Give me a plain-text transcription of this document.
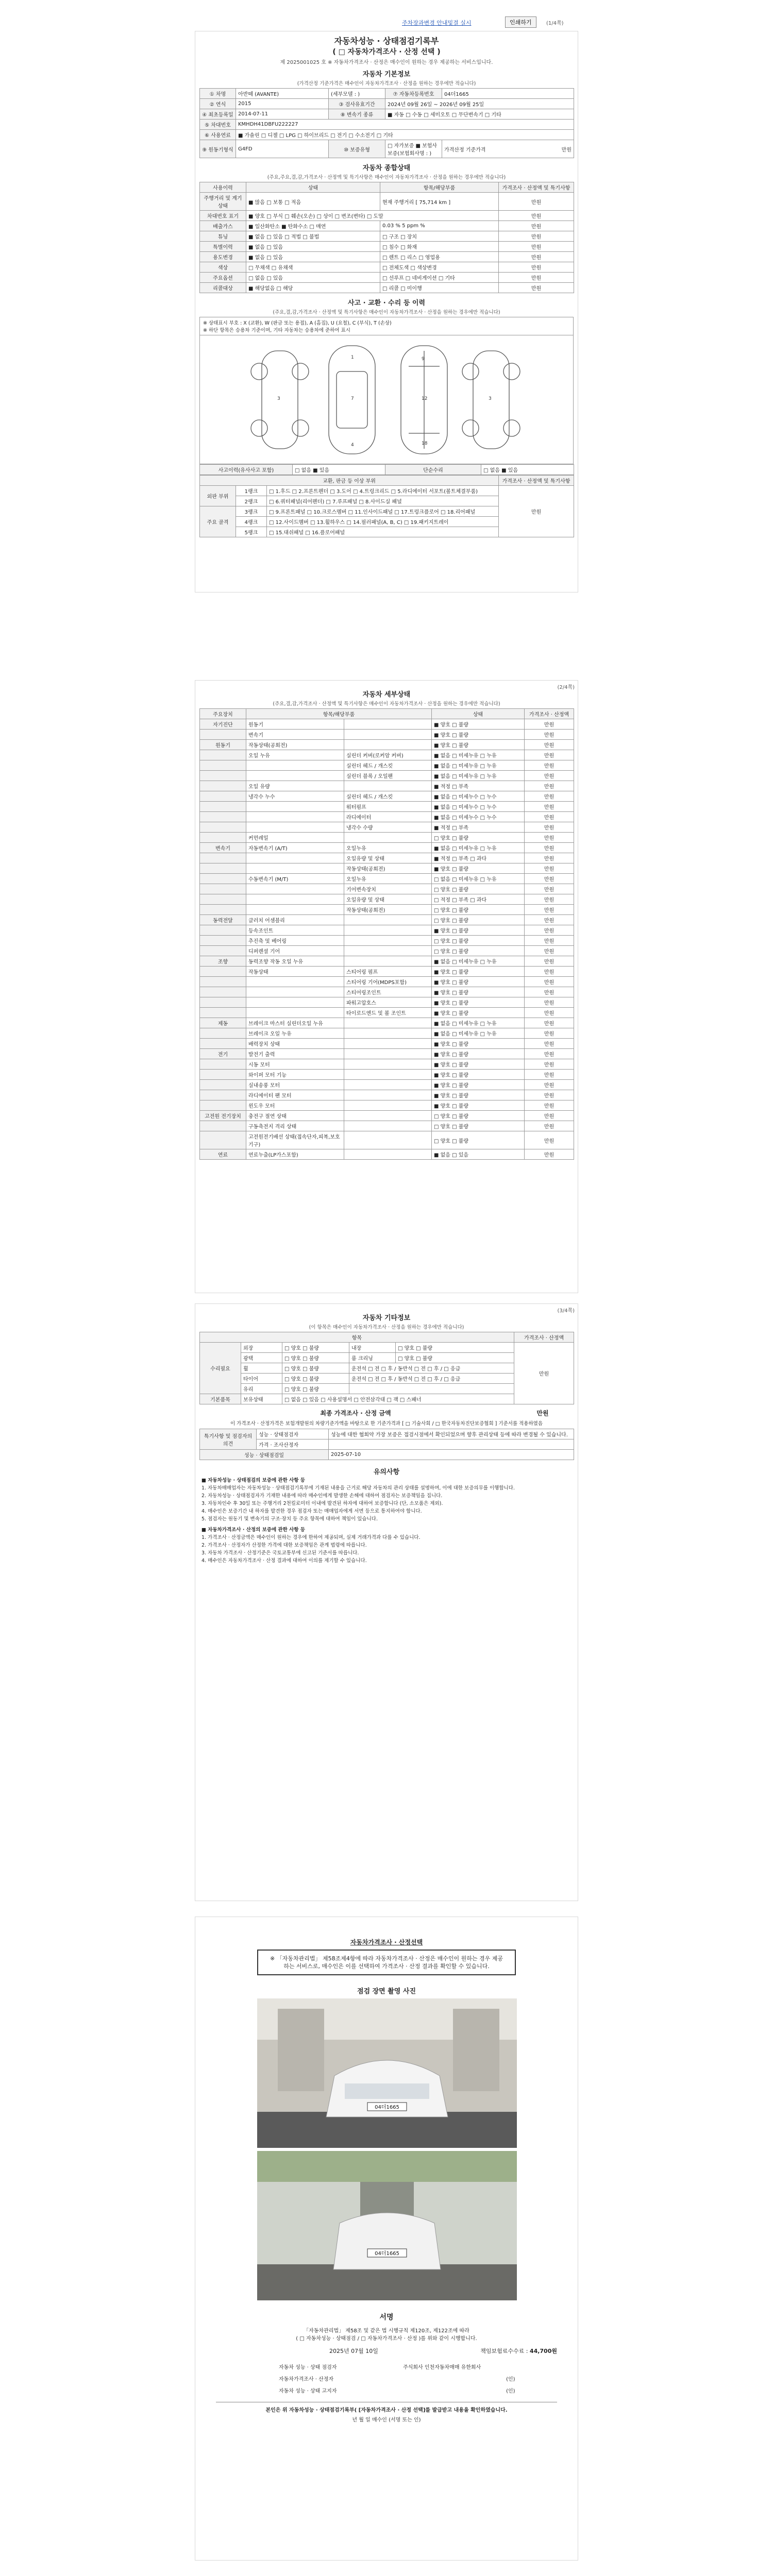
주차장과변경 안내및결 실시	인쇄하기	(1/4쪽)
자동차성능 · 상태점검기록부
( □ 자동차가격조사 · 산정 선택 )
제 2025001025 호 ※ 자동차가격조사 · 산정은 매수인이 원하는 경우 제공하는 서비스입니다.
자동차 기본정보
(가격산정 기준가격은 매수인이 자동차가격조사 · 산정을 원하는 경우에만 적습니다)
① 차명	아반떼 (AVANTE)	(세부모델 : )	⑦ 자동차등록번호	04더1665
② 연식	2015	③ 검사유효기간	2024년 09월 26일 ~ 2026년 09월 25일	
④ 최초등록일	2014-07-11	⑧ 변속기 종류	■ 자동 □ 수동 □ 세미오토 □ 무단변속기 □ 기타	
⑤ 차대번호	KMHDH41DBFU222227			
⑥ 사용연료	■ 가솔린 □ 디젤 □ LPG □ 하이브리드 □ 전기 □ 수소전기 □ 기타			
⑨ 원동기형식	G4FD	⑩ 보증유형	□ 자가보증 ■ 보험사보증(보험회사명 : )	가격산정 기준가격 만원
자동차 종합상태
(주요,주요,결,감,가격조사 · 산정액 및 특기사항은 매수인이 자동차가격조사 · 산정을 원하는 경우에만 적습니다)
사용이력	상태	항목/해당부품	가격조사 · 산정액 및 특기사항
주행거리 및 계기상태	■ 많음 □ 보통 □ 적음	현재 주행거리 [ 75,714 km ]	만원
차대번호 표기	■ 양호 □ 부식 □ 훼손(오손) □ 상이 □ 변조(변타) □ 도말		만원
배출가스	■ 일산화탄소 ■ 탄화수소 □ 매연	0.03 % 5 ppm %	만원
튜닝	■ 없음 □ 있음 □ 적법 □ 불법	□ 구조 □ 장치	만원
특별이력	■ 없음 □ 있음	□ 침수 □ 화재	만원
용도변경	■ 없음 □ 있음	□ 렌트 □ 리스 □ 영업용	만원
색상	□ 무채색 □ 유채색	□ 전체도색 □ 색상변경	만원
주요옵션	□ 없음 □ 있음	□ 선루프 □ 네비게이션 □ 기타	만원
리콜대상	■ 해당없음 □ 해당	□ 리콜 □ 미이행	만원
사고 · 교환 · 수리 등 이력
(주요,결,감,가격조사 · 산정액 및 특기사항은 매수인이 자동차가격조사 · 산정을 원하는 경우에만 적습니다)
※ 상태표시 부호 : X (교환), W (판금 또는 용접), A (흠집), U (요철), C (부식), T (손상)
※ 하단 항목은 승용차 기준이며, 기타 자동차는 승용차에 준하여 표시
1
7
4
9
12
18
3	3
사고이력(유사사고 포함)	□ 없음 ■ 있음	단순수리	□ 없음 ■ 있음
교환, 판금 등 이상 부위			가격조사 · 산정액 및 특기사항
외판 부위	1랭크	□ 1.후드 □ 2.프론트펜더 □ 3.도어 □ 4.트렁크리드 □ 5.라디에이터 서포트(볼트체결부품)	만원
	2랭크	□ 6.쿼터패널(리어펜더) □ 7.루프패널 □ 8.사이드실 패널	
주요 골격	3랭크	□ 9.프론트패널 □ 10.크로스멤버 □ 11.인사이드패널 □ 17.트렁크플로어 □ 18.리어패널	
	4랭크	□ 12.사이드멤버 □ 13.휠하우스 □ 14.필러패널(A, B, C) □ 19.패키지트레이	
	5랭크	□ 15.대쉬패널 □ 16.플로어패널	
(2/4쪽)
자동차 세부상태
(주요,결,감,가격조사 · 산정액 및 특기사항은 매수인이 자동차가격조사 · 산정을 원하는 경우에만 적습니다)
주요장치	항목/해당부품		상태	가격조사 · 산정액
자기진단	원동기		■ 양호 □ 불량	만원
	변속기		■ 양호 □ 불량	만원
원동기	작동상태(공회전)		■ 양호 □ 불량	만원
	오일 누유	실린더 커버(로커암 커버)	■ 없음 □ 미세누유 □ 누유	만원
		실린더 헤드 / 개스킷	■ 없음 □ 미세누유 □ 누유	만원
		실린더 블록 / 오일팬	■ 없음 □ 미세누유 □ 누유	만원
	오일 유량		■ 적정 □ 부족	만원
	냉각수 누수	실린더 헤드 / 개스킷	■ 없음 □ 미세누수 □ 누수	만원
		워터펌프	■ 없음 □ 미세누수 □ 누수	만원
		라디에이터	■ 없음 □ 미세누수 □ 누수	만원
		냉각수 수량	■ 적정 □ 부족	만원
	커먼레일		□ 양호 □ 불량	만원
변속기	자동변속기 (A/T)	오일누유	■ 없음 □ 미세누유 □ 누유	만원
		오일유량 및 상태	■ 적정 □ 부족 □ 과다	만원
		작동상태(공회전)	■ 양호 □ 불량	만원
	수동변속기 (M/T)	오일누유	□ 없음 □ 미세누유 □ 누유	만원
		기어변속장치	□ 양호 □ 불량	만원
		오일유량 및 상태	□ 적정 □ 부족 □ 과다	만원
		작동상태(공회전)	□ 양호 □ 불량	만원
동력전달	클러치 어셈블리		□ 양호 □ 불량	만원
	등속조인트		■ 양호 □ 불량	만원
	추진축 및 베어링		□ 양호 □ 불량	만원
	디퍼렌셜 기어		□ 양호 □ 불량	만원
조향	동력조향 작동 오일 누유		■ 없음 □ 미세누유 □ 누유	만원
	작동상태	스티어링 펌프	■ 양호 □ 불량	만원
		스티어링 기어(MDPS포함)	■ 양호 □ 불량	만원
		스티어링조인트	■ 양호 □ 불량	만원
		파워고압호스	■ 양호 □ 불량	만원
		타이로드엔드 및 볼 조인트	■ 양호 □ 불량	만원
제동	브레이크 마스터 실린더오일 누유		■ 없음 □ 미세누유 □ 누유	만원
	브레이크 오일 누유		■ 없음 □ 미세누유 □ 누유	만원
	배력장치 상태		■ 양호 □ 불량	만원
전기	발전기 출력		■ 양호 □ 불량	만원
	시동 모터		■ 양호 □ 불량	만원
	와이퍼 모터 기능		■ 양호 □ 불량	만원
	실내송풍 모터		■ 양호 □ 불량	만원
	라디에이터 팬 모터		■ 양호 □ 불량	만원
	윈도우 모터		■ 양호 □ 불량	만원
고전원 전기장치	충전구 절연 상태		□ 양호 □ 불량	만원
	구동축전지 격리 상태		□ 양호 □ 불량	만원
	고전원전기배선 상태(접속단자,피복,보호기구)		□ 양호 □ 불량	만원
연료	연료누출(LP가스포함)		■ 없음 □ 있음	만원
(3/4쪽)
자동차 기타정보
(이 항목은 매수인이 자동차가격조사 · 산정을 원하는 경우에만 적습니다)
항목					가격조사 · 산정액
수리필요	외장	□ 양호 □ 불량	내장	□ 양호 □ 불량	만원
	광택	□ 양호 □ 불량	룸 크리닝	□ 양호 □ 불량	
	휠	□ 양호 □ 불량	운전석 □ 전 □ 후 / 동반석 □ 전 □ 후 / □ 응급		
	타이어	□ 양호 □ 불량	운전석 □ 전 □ 후 / 동반석 □ 전 □ 후 / □ 응급		
	유리	□ 양호 □ 불량			
기본품목	보유상태	□ 없음 □ 있음 □ 사용설명서 □ 안전삼각대 □ 잭 □ 스패너			
최종 가격조사 · 산정 금액	만원
이 가격조사 · 산정가격은 보험개발원의 차량기준가액을 바탕으로 한 기준가격과 [ □ 기술사회 / □ 한국자동차진단보증협회 ] 기준서를 적용하였음
특기사항 및 점검자의 의견	성능 · 상태점검자	성능에 대한 협회약 가장 보증은 접검시점에서 확인되었으며 향후 관리상태 등에 따라 변경될 수 있습니다.
	가격 · 조사산정자	
성능 · 상태점검일		2025-07-10
유의사항

■ 자동차성능 · 상태점검의 보증에 관한 사항 등

1. 자동차매매업자는 자동차성능 · 상태점검기록부에 기재된 내용을 근거로 해당 자동차의 관리 상태를 설명하며, 이에 대한 보증의무를 이행합니다.

2. 자동차성능 · 상태점검자가 기재한 내용에 따라 매수인에게 발생한 손해에 대하여 점검자는 보증책임을 집니다.

3. 자동차인수 후 30일 또는 주행거리 2천킬로미터 이내에 발견된 하자에 대하여 보증합니다 (단, 소모품은 제외).

4. 매수인은 보증기간 내 하자를 발견한 경우 점검자 또는 매매업자에게 서면 등으로 통지하여야 합니다.

5. 점검자는 원동기 및 변속기의 구조·장치 등 주요 항목에 대하여 책임이 있습니다.

■ 자동차가격조사 · 산정의 보증에 관한 사항 등

1. 가격조사 · 산정금액은 매수인이 원하는 경우에 한하여 제공되며, 실제 거래가격과 다를 수 있습니다.

2. 가격조사 · 산정자가 산정한 가격에 대한 보증책임은 관계 법령에 따릅니다.

3. 자동차 가격조사 · 산정기준은 국토교통부에 신고된 기준서를 따릅니다.

4. 매수인은 자동차가격조사 · 산정 결과에 대하여 이의를 제기할 수 있습니다.

자동차가격조사 · 산정선택
※ 「자동차관리법」 제58조제4항에 따라 자동차가격조사 · 산정은 매수인이 원하는 경우 제공하는 서비스로, 매수인은 이를 선택하여 가격조사 · 산정 결과를 확인할 수 있습니다.
점검 장면 촬영 사진
04더1665
04더1665
서명
「자동차관리법」 제58조 및 같은 법 시행규칙 제120조, 제122조에 따라
( □ 자동차성능 · 상태점검 / □ 자동차가격조사 · 산정 )를 위와 같이 시행합니다.
2025년 07월 10일	책임보험료수수료 : 44,700원
자동차 성능 · 상태 점검자	주식회사 인천자동차매매 유한회사
자동차가격조사 · 산정자	(인)
자동차 성능 · 상태 고지자	(인)
본인은 위 자동차성능 · 상태점검기록부( [자동차가격조사 · 산정 선택]를 발급받고 내용을 확인하였습니다.
년 월 일 매수인 (서명 또는 인)
